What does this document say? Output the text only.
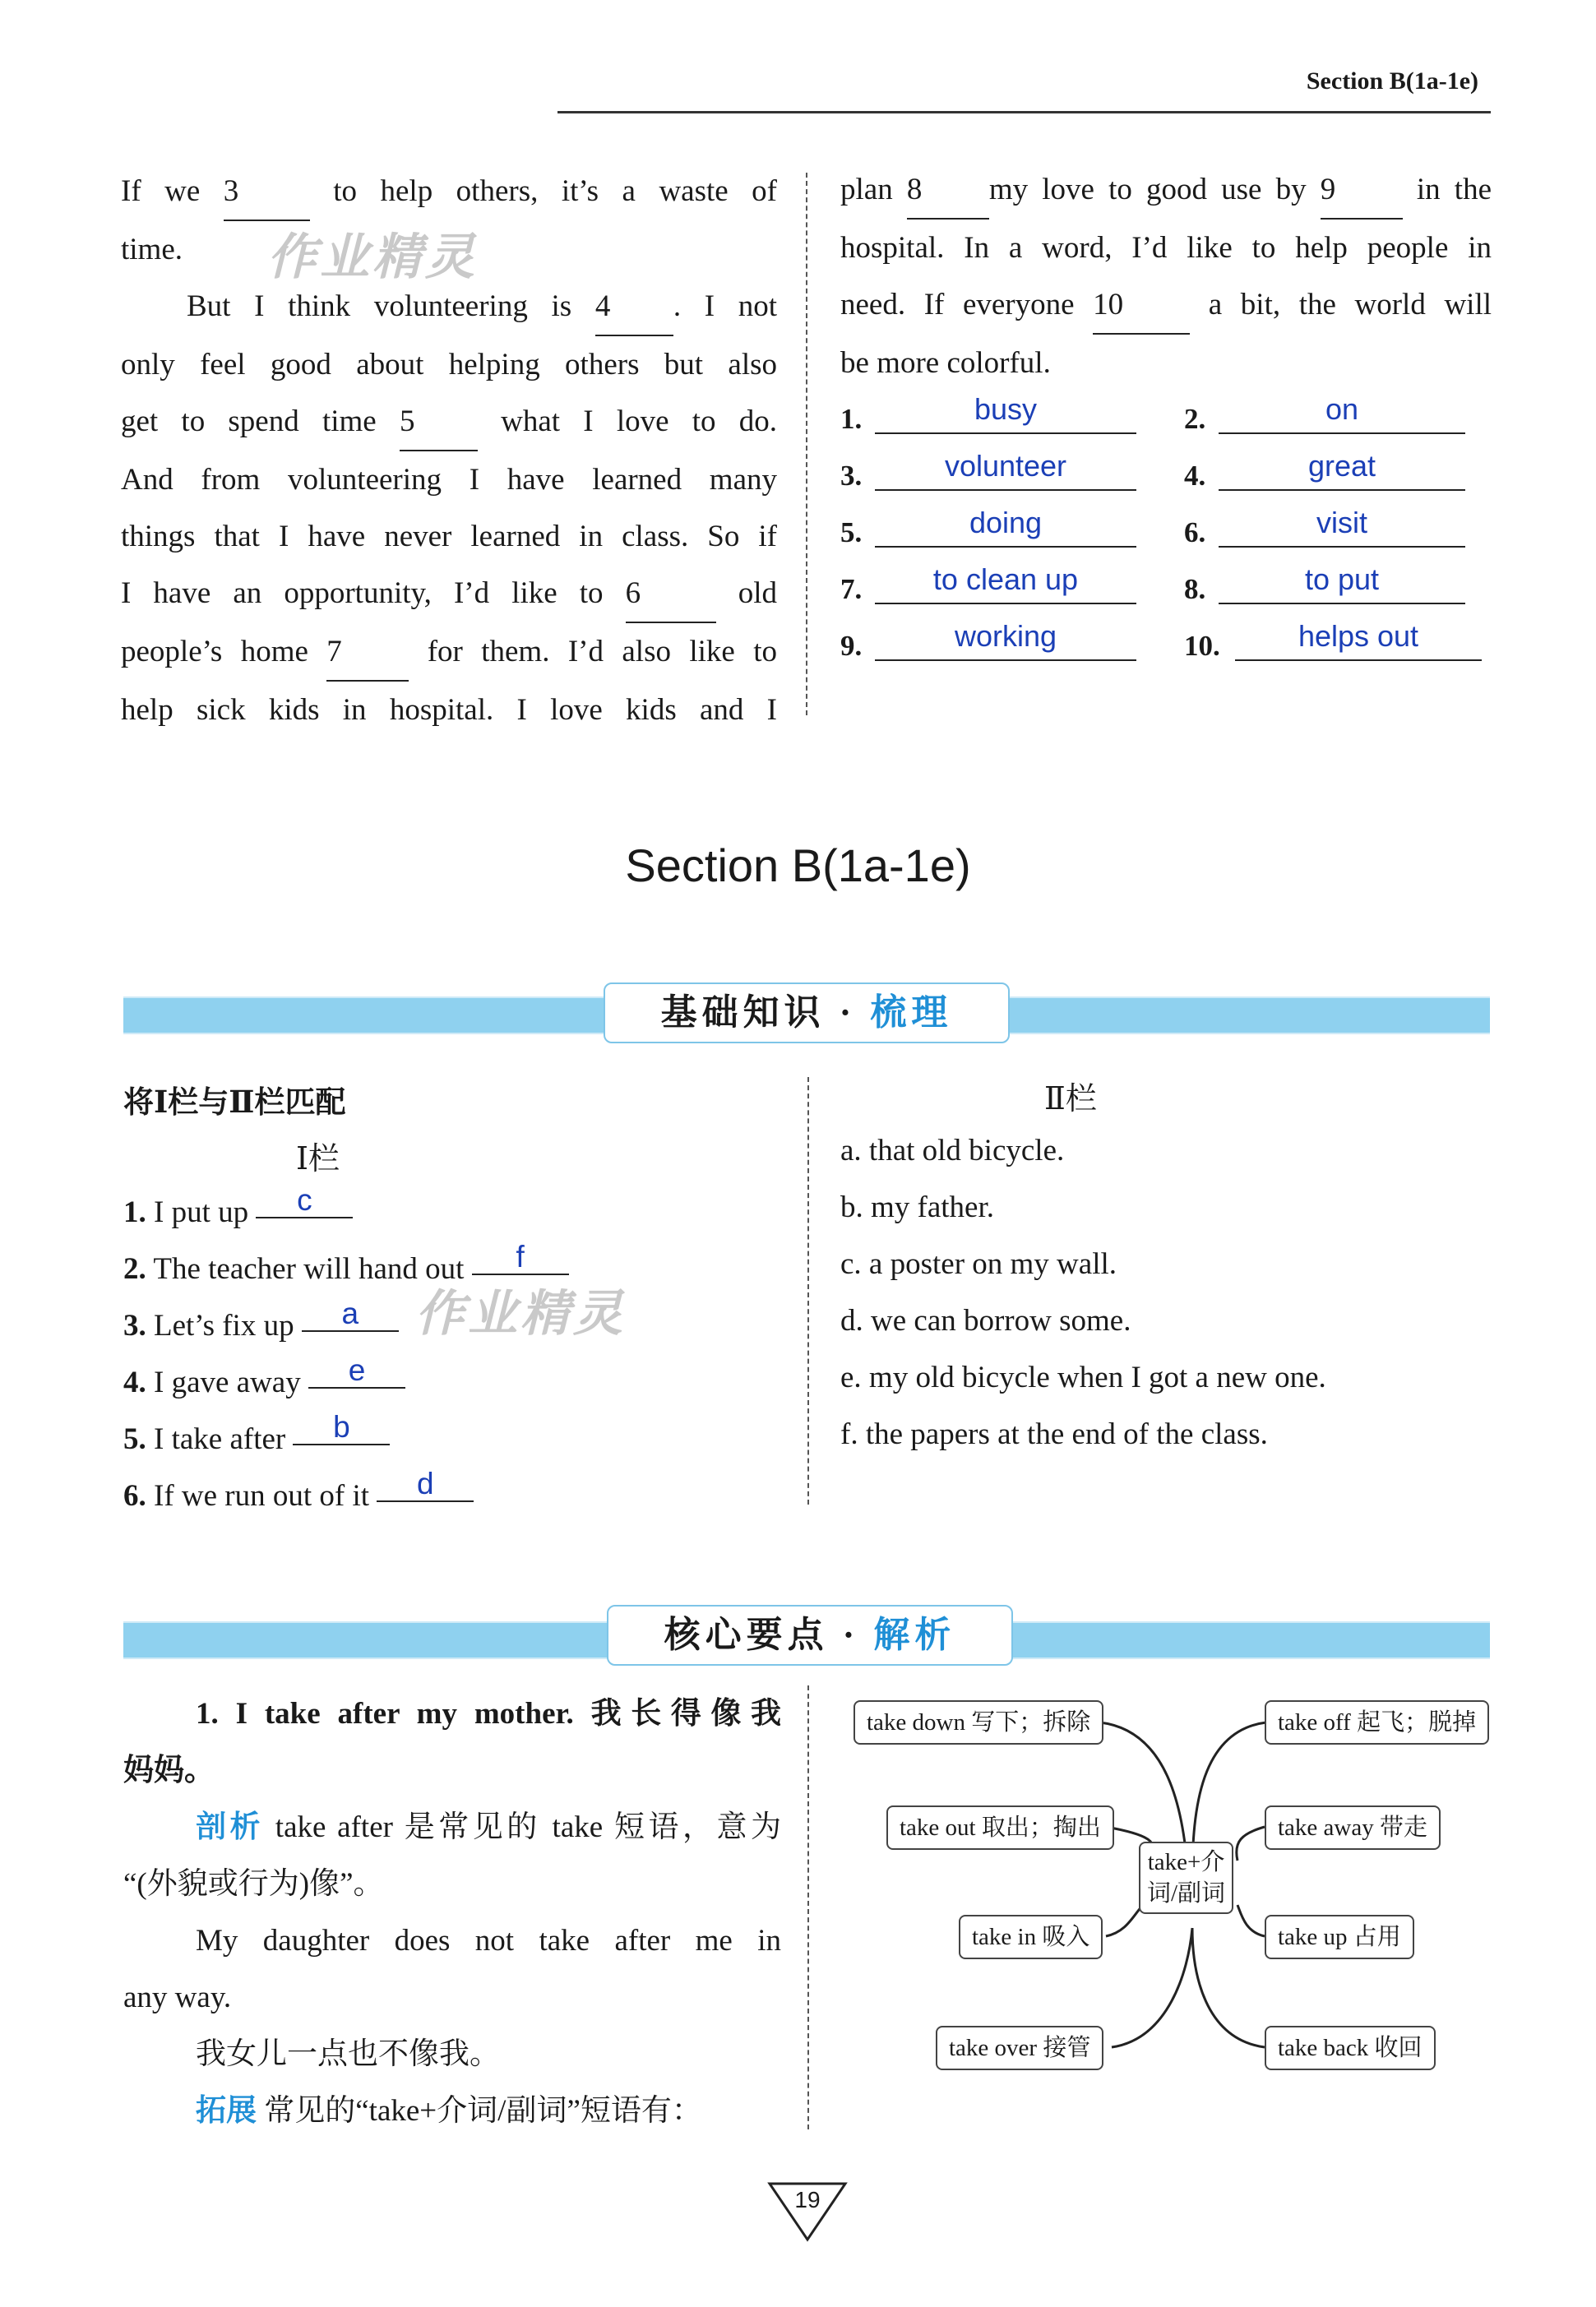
Section B(1a-1e)
作业精灵
作业精灵
If we 3	to help others, it’s a waste of
time.
But I think volunteering is 4 . I not
only feel good about helping others but also
get to spend time 5	what I love to do.
And from volunteering I have learned many
things that I have never learned in class. So if
I have an opportunity, I’d like to 6	old
people’s home 7	for them. I’d also like to
help sick kids in hospital. I love kids and I
plan 8 my love to good use by 9	in the
hospital. In a word, I’d like to help people in
need. If everyone 10	a bit, the world will
be more colorful.
1.	busy	2.	on
3.	volunteer	4.	great
5.	doing	6.	visit
7.	to clean up	8.	to put
9.	working	10.	helps out
Section B(1a-1e)
基础知识 · 梳理
将Ⅰ栏与Ⅱ栏匹配
Ⅰ栏
Ⅱ栏
1. I put up c
2. The teacher will hand out f
3. Let’s fix up a
4. I gave away e
5. I take after b
6. If we run out of it d
a. that old bicycle.
b. my father.
c. a poster on my wall.
d. we can borrow some.
e. my old bicycle when I got a new one.
f. the papers at the end of the class.
核心要点 · 解析
1. I take after my mother. 我长得像我
妈妈。
剖析 take after 是常见的 take 短语，意为
“(外貌或行为)像”。
My daughter does not take after me in
any way.
我女儿一点也不像我。
拓展 常见的“take+介词/副词”短语有：
take down 写下；拆除
take out 取出；掏出
take in 吸入
take over 接管
take off 起飞；脱掉
take away 带走
take up 占用
take back 收回
take+介
词/副词
19
